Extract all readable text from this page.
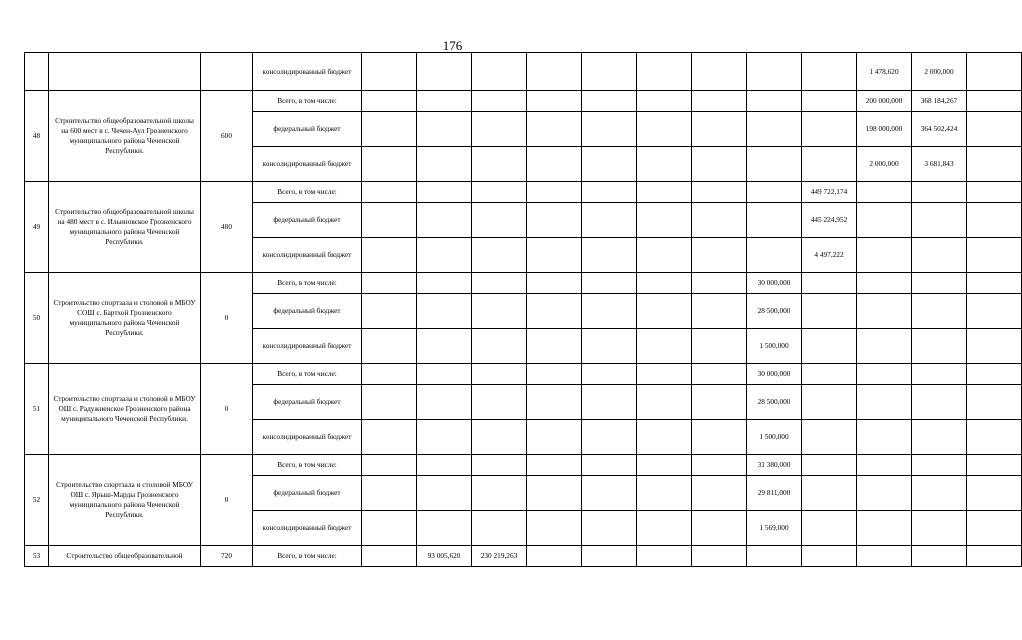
176
			консолидированный бюджет										1 478,620	2 000,000	
48	Строительство общеобразовательной школы на 600 мест в с. Чечен-Аул Грозненского муниципального района Чеченской Республики.	600	Всего, в том числе:										200 000,000	368 184,267	
			федеральный бюджет										198 000,000	364 502,424	
			консолидированный бюджет										2 000,000	3 681,843	
49	Строительство общеобразовательной школы на 480 мест в с. Ильиновское Грозненского муниципального района Чеченской Республики.	480	Всего, в том числе:									449 722,174			
			федеральный бюджет									445 224,952			
			консолидированный бюджет									4 497,222			
50	Строительство спортзала и столовой в МБОУ СОШ с. Бартхой Грозненского муниципального района Чеченской Республики.	0	Всего, в том числе:								30 000,000				
			федеральный бюджет								28 500,000				
			консолидированный бюджет								1 500,000				
51	Строительство спортзала и столовой в МБОУ ОШ с. Радужненское Грозненского района муниципального Чеченской Республики.	0	Всего, в том числе:								30 000,000				
			федеральный бюджет								28 500,000				
			консолидированный бюджет								1 500,000				
52	Строительство спортзала и столовой МБОУ ОШ с. Ярыш-Марды Грозненского муниципального района Чеченской Республики.	0	Всего, в том числе:								31 380,000				
			федеральный бюджет								29 811,000				
			консолидированный бюджет								1 569,000				
53	Строительство общеобразовательной	720	Всего, в том числе:		93 005,620	230 219,263									
